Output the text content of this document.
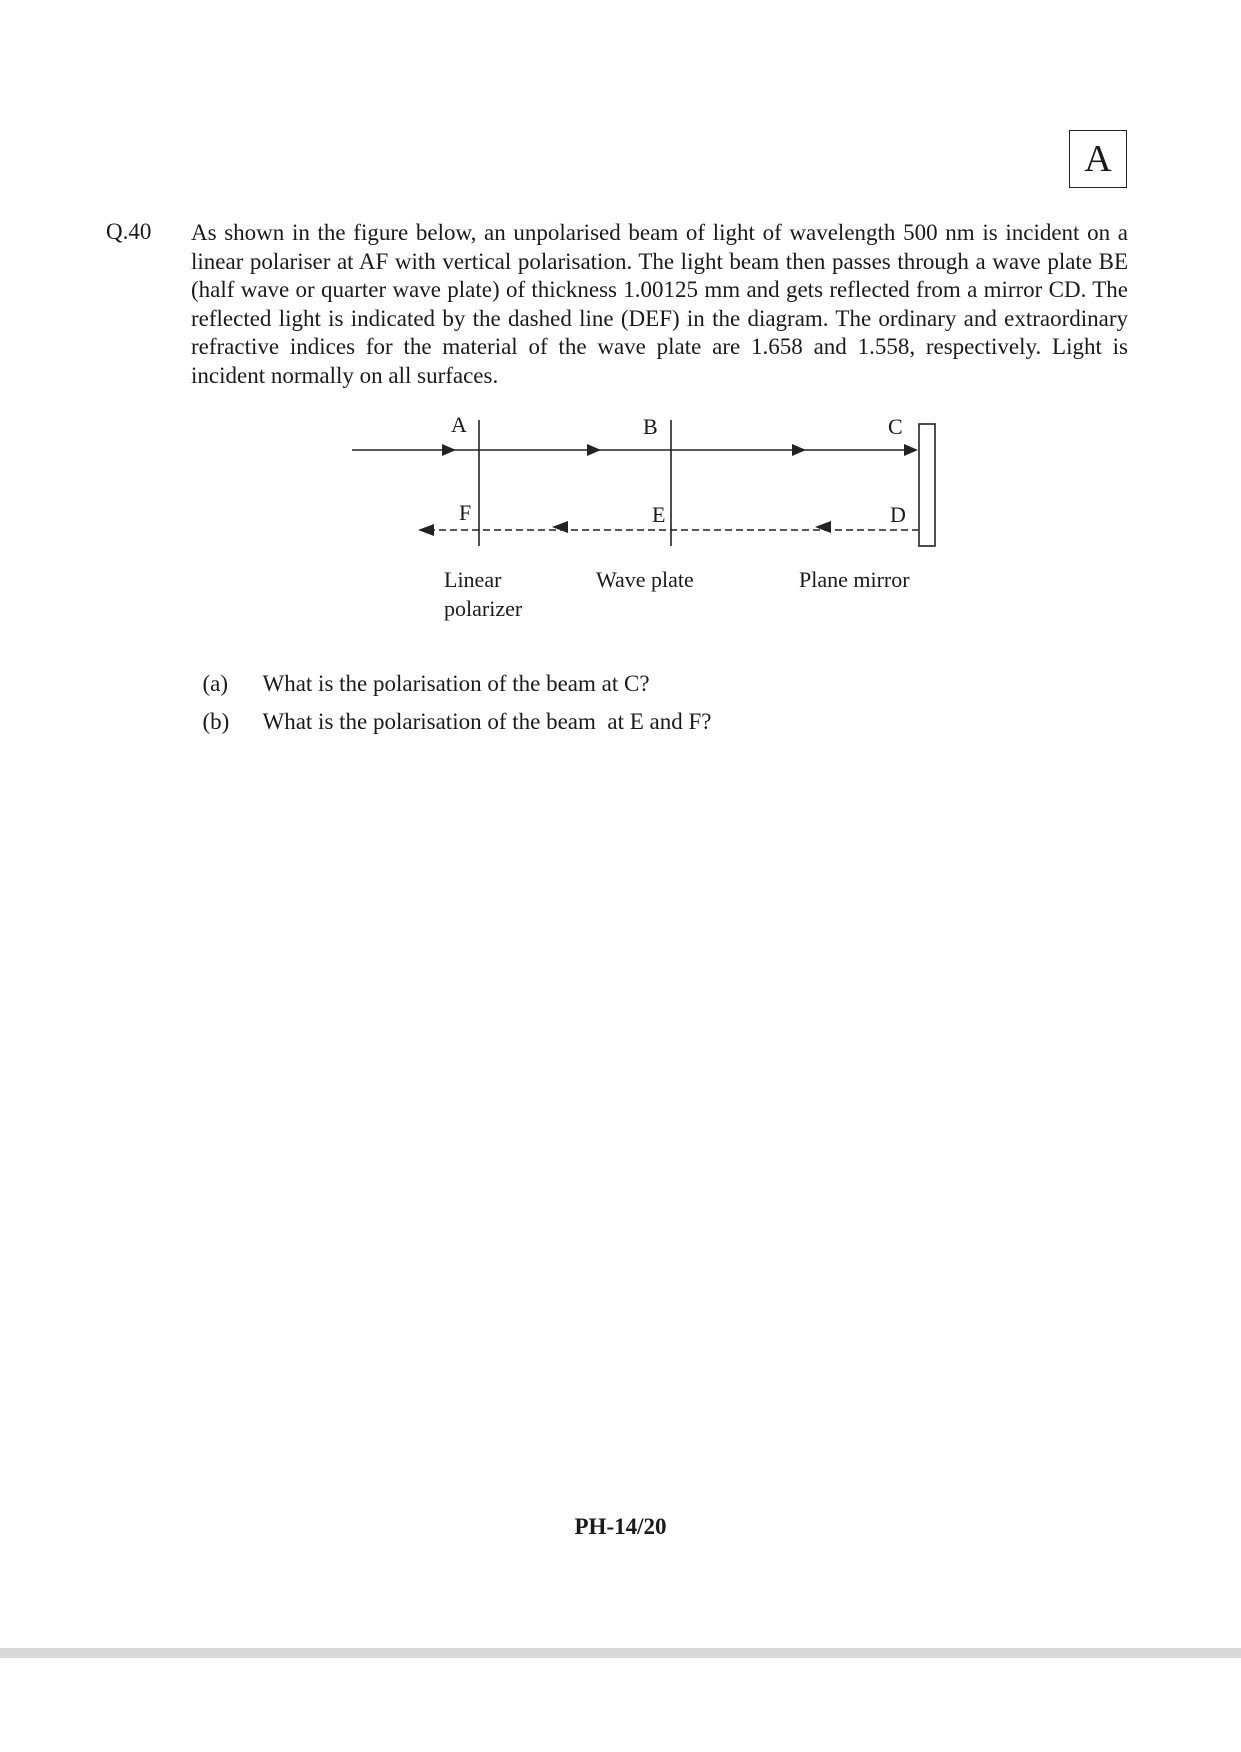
A
Q.40 As shown in the figure below, an unpolarised beam of light of wavelength 500 nm is incident on a linear polariser at AF with vertical polarisation. The light beam then passes through a wave plate BE (half wave or quarter wave plate) of thickness 1.00125 mm and gets reflected from a mirror CD. The reflected light is indicated by the dashed line (DEF) in the diagram. The ordinary and extraordinary refractive indices for the material of the wave plate are 1.658 and 1.558, respectively. Light is incident normally on all surfaces.

A	B	C
F	E	D
Linear
polarizer
Wave plate	Plane mirror

(a) What is the polarisation of the beam at C?

(b) What is the polarisation of the beam  at E and F?

PH-14/20
